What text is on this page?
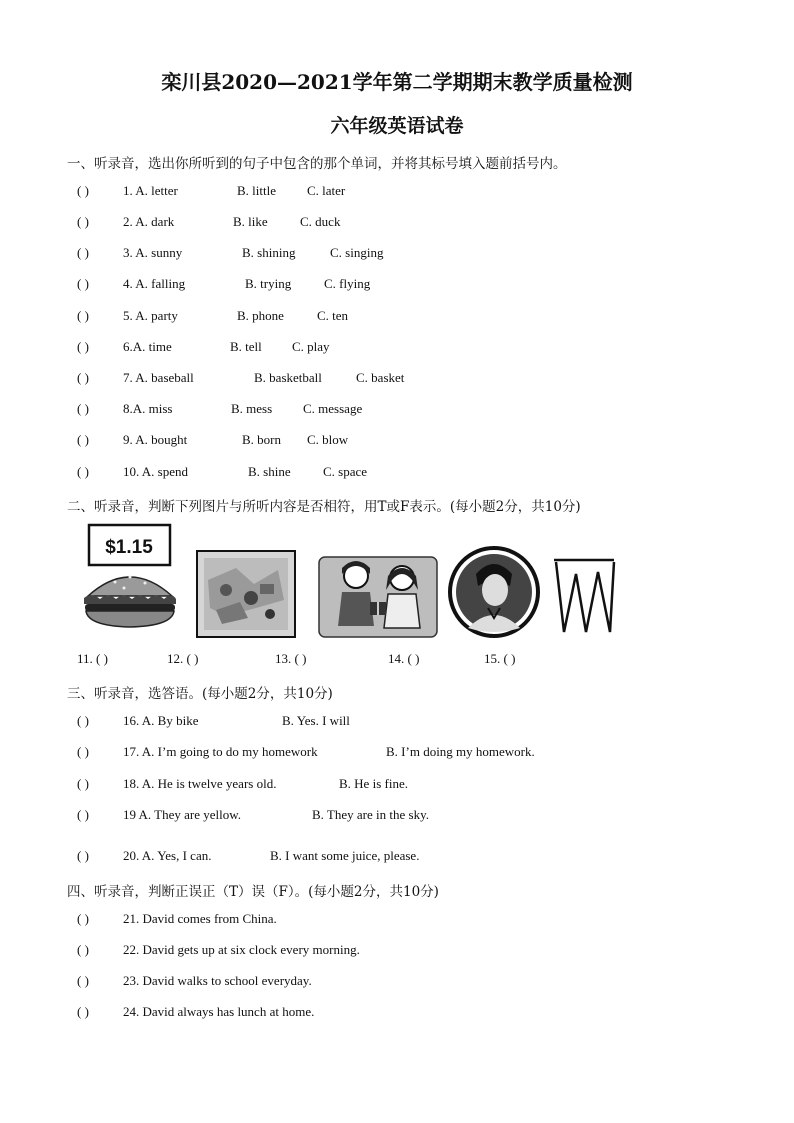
栾川县2020—2021学年第二学期期末教学质量检测
六年级英语试卷
一、听录音，选出你所听到的句子中包含的那个单词，并将其标号填入题前括号内。
( )	1. A. letter	B. little C. later
( )	2. A. dark	B. like C. duck
( )	3. A. sunny	B. shining	C. singing
( )	4. A. falling	B. trying	C. flying
( )	5. A. party	B. phone	C. ten
( )	6.A. time	B. tell C. play
( )	7. A. baseball	B. basketball	C. basket
( )	8.A. miss	B. mess C. message
( )	9. A. bought	B. born C. blow
( )	10. A. spend	B. shine C. space
二、听录音，判断下列图片与所听内容是否相符，用T或F表示。(每小题2分，共10分)
$1.15
11. ( )	12. ( )	13. ( )	14. ( )	15. ( )
三、听录音，选答语。(每小题2分，共10分)
( )	16. A. By bike	B. Yes. I will
( )	17. A. I’m going to do my homework	B. I’m doing my homework.
( )	18. A. He is twelve years old.	B. He is fine.
( )	19 A. They are yellow.	B. They are in the sky.
( )	20. A. Yes, I can.	B. I want some juice, please.
四、听录音，判断正误正（T）误（F）。(每小题2分，共10分)
( )	21. David comes from China.
( )	22. David gets up at six clock every morning.
( )	23. David walks to school everyday.
( )	24. David always has lunch at home.
